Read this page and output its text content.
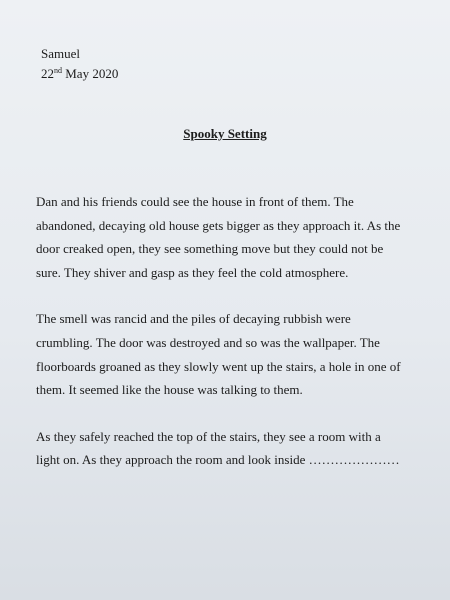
Samuel
22nd May 2020
Spooky Setting

Dan and his friends could see the house in front of them. The
abandoned, decaying old house gets bigger as they approach it. As the
door creaked open, they see something move but they could not be
sure. They shiver and gasp as they feel the cold atmosphere.

The smell was rancid and the piles of decaying rubbish were
crumbling. The door was destroyed and so was the wallpaper. The
floorboards groaned as they slowly went up the stairs, a hole in one of
them. It seemed like the house was talking to them.

As they safely reached the top of the stairs, they see a room with a
light on. As they approach the room and look inside …………………
